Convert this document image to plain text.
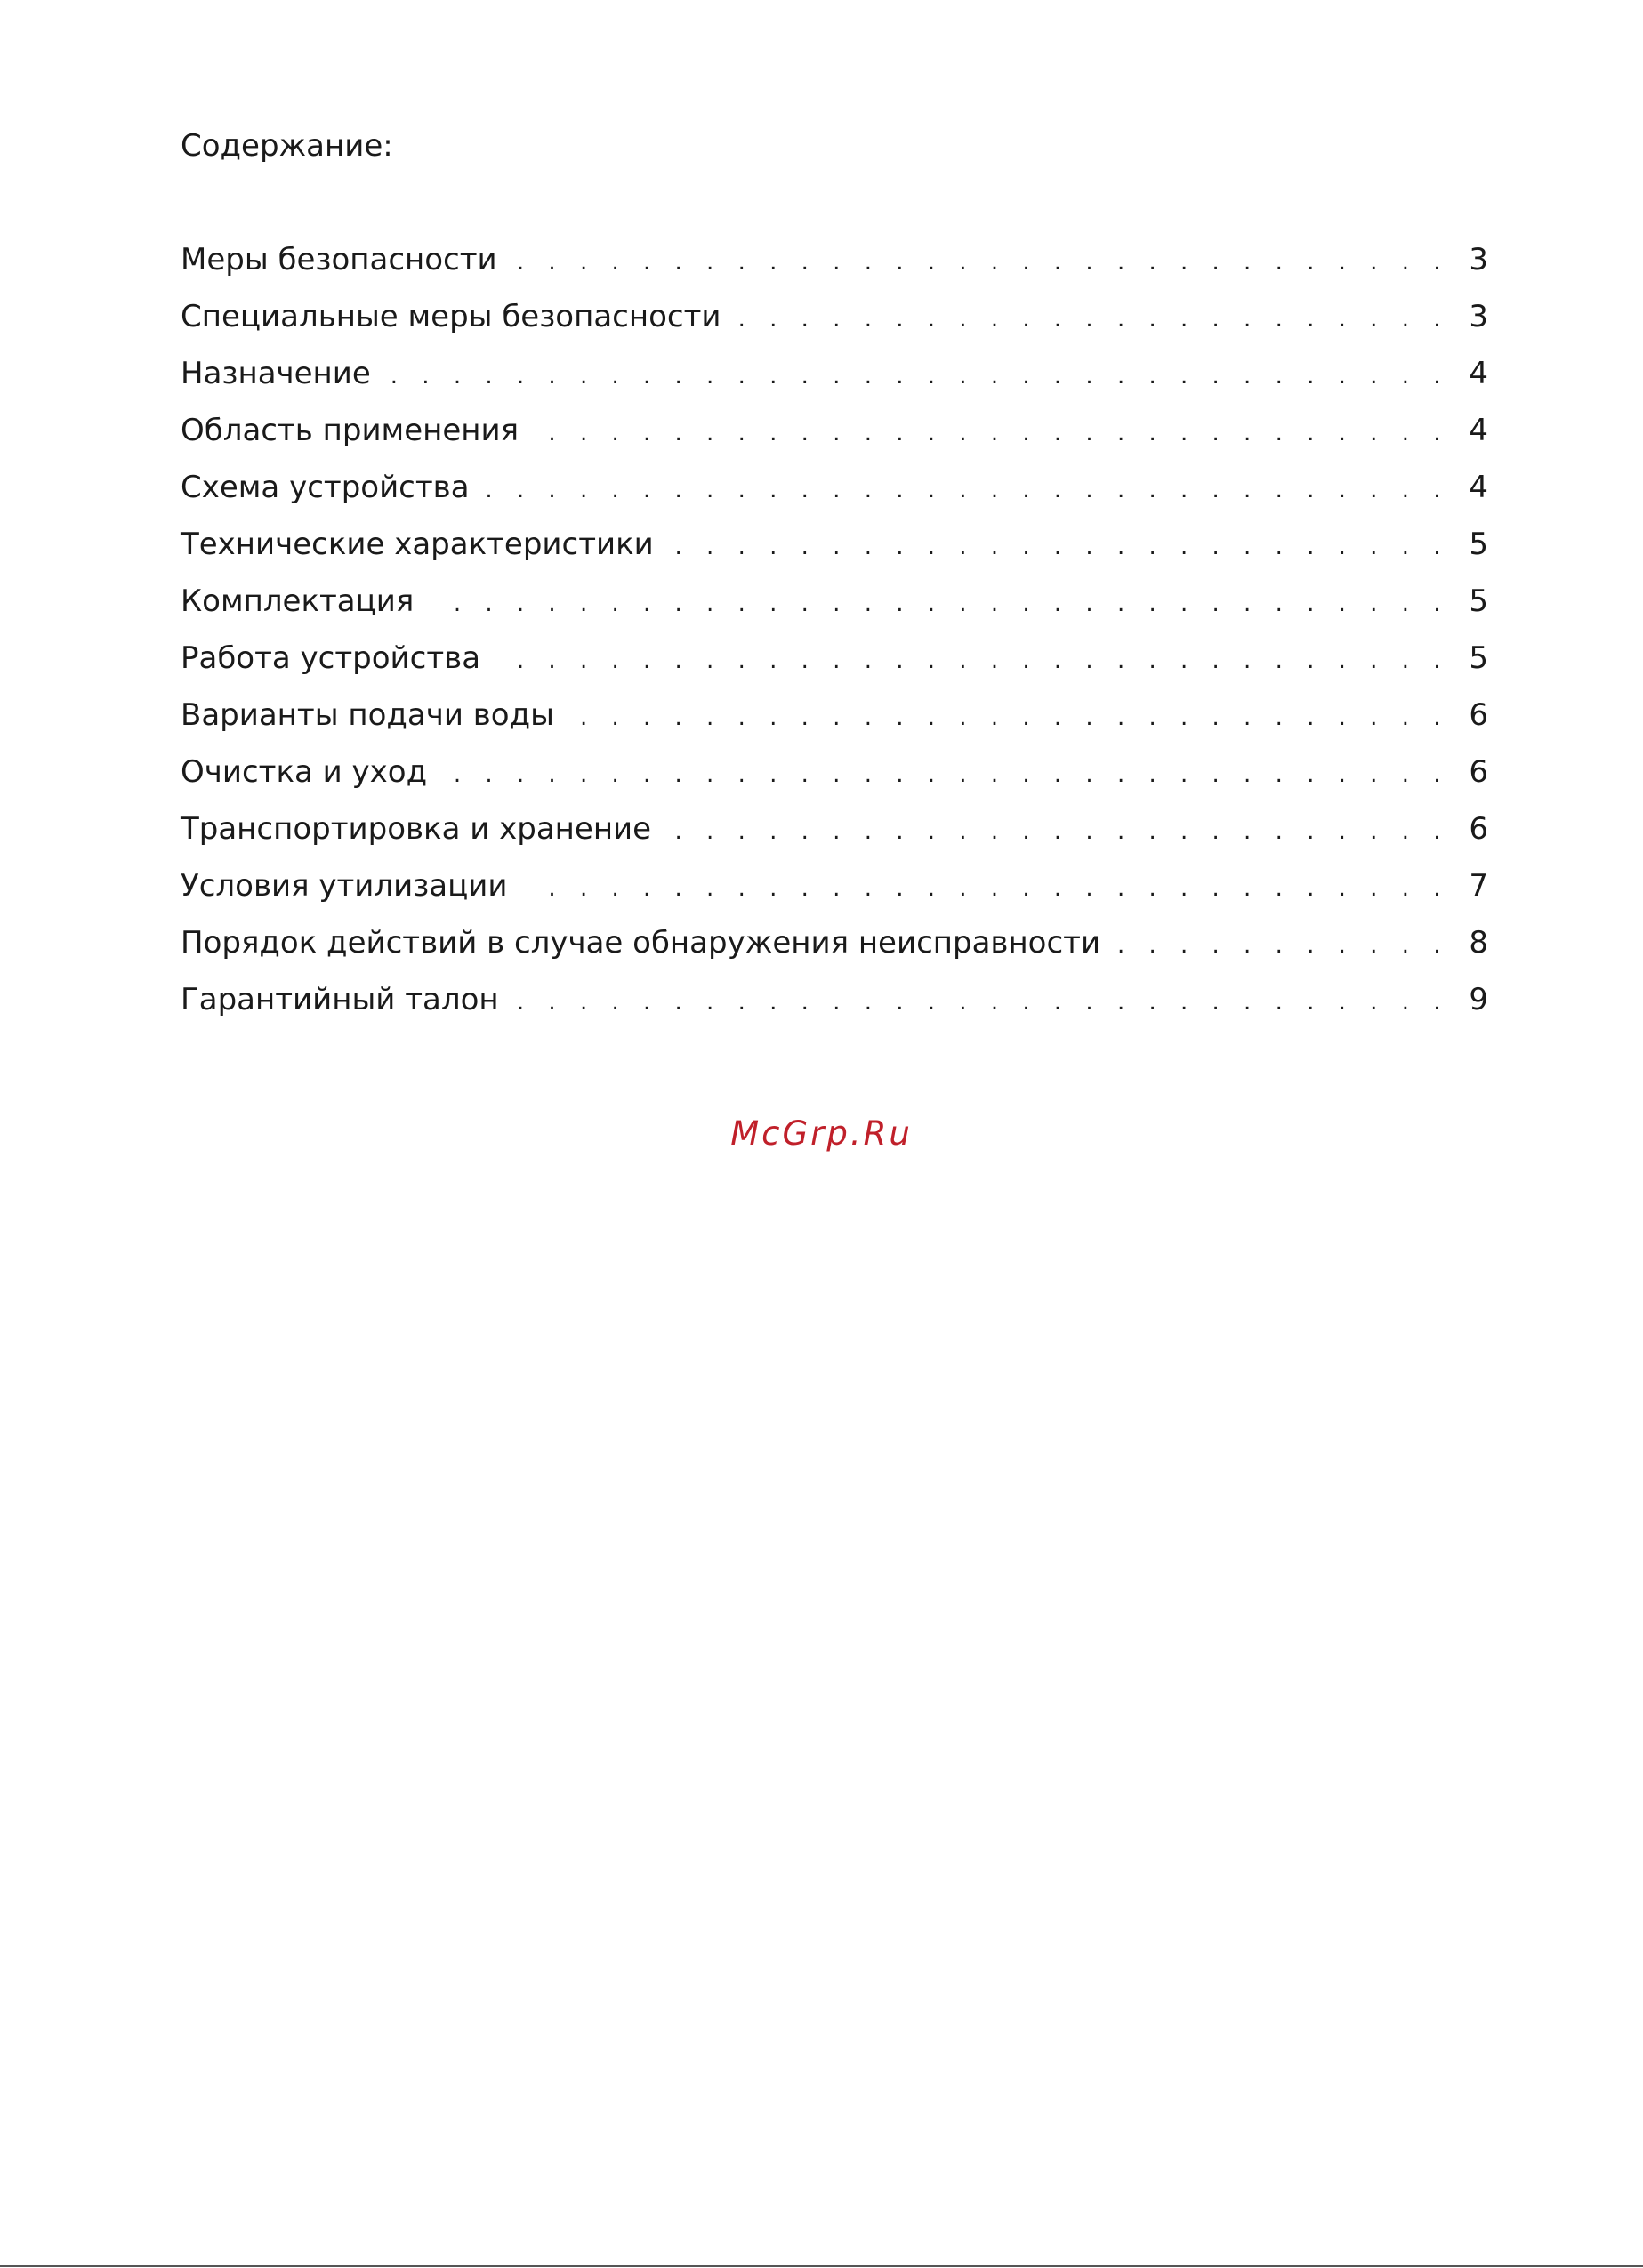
Содержание:
Меры безопасности . . .	3
Специальные меры безопасности . . .	3
Назначение . . .	4
Область применения . . .	4
Схема устройства . . .	4
Технические характеристики . . .	5
Комплектация . . .	5
Работа устройства . . .	5
Варианты подачи воды . . .	6
Очистка и уход . . .	6
Транспортировка и хранение . . .	6
Условия утилизации . . .	7
Порядок действий в случае обнаружения неисправности . . .	8
Гарантийный талон . . .	9
McGrp.Ru
